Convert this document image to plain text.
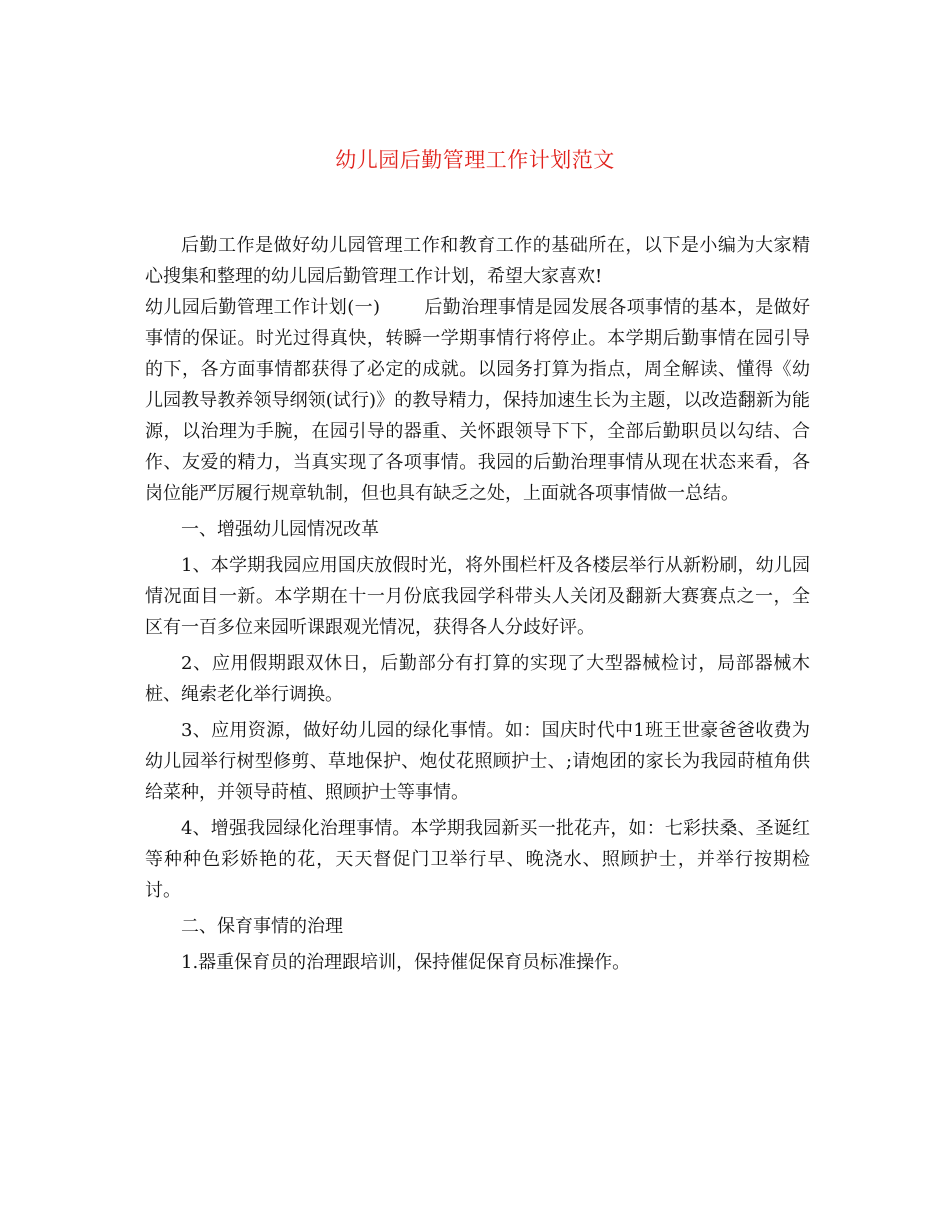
幼儿园后勤管理工作计划范文

后勤工作是做好幼儿园管理工作和教育工作的基础所在，以下是小编为大家精心搜集和整理的幼儿园后勤管理工作计划，希望大家喜欢!

幼儿园后勤管理工作计划(一) 后勤治理事情是园发展各项事情的基本，是做好事情的保证。时光过得真快，转瞬一学期事情行将停止。本学期后勤事情在园引导的下，各方面事情都获得了必定的成就。以园务打算为指点，周全解读、懂得《幼儿园教导教养领导纲领(试行)》的教导精力，保持加速生长为主题，以改造翻新为能源，以治理为手腕，在园引导的器重、关怀跟领导下下，全部后勤职员以勾结、合作、友爱的精力，当真实现了各项事情。我园的后勤治理事情从现在状态来看，各岗位能严厉履行规章轨制，但也具有缺乏之处，上面就各项事情做一总结。

一、增强幼儿园情况改革

1、本学期我园应用国庆放假时光，将外围栏杆及各楼层举行从新粉刷，幼儿园情况面目一新。本学期在十一月份底我园学科带头人关闭及翻新大赛赛点之一，全区有一百多位来园听课跟观光情况，获得各人分歧好评。

2、应用假期跟双休日，后勤部分有打算的实现了大型器械检讨，局部器械木桩、绳索老化举行调换。

3、应用资源，做好幼儿园的绿化事情。如：国庆时代中1班王世豪爸爸收费为幼儿园举行树型修剪、草地保护、炮仗花照顾护士、;请炮团的家长为我园莳植角供给菜种，并领导莳植、照顾护士等事情。

4、增强我园绿化治理事情。本学期我园新买一批花卉，如：七彩扶桑、圣诞红等种种色彩娇艳的花，天天督促门卫举行早、晚浇水、照顾护士，并举行按期检讨。

二、保育事情的治理

1.器重保育员的治理跟培训，保持催促保育员标准操作。
